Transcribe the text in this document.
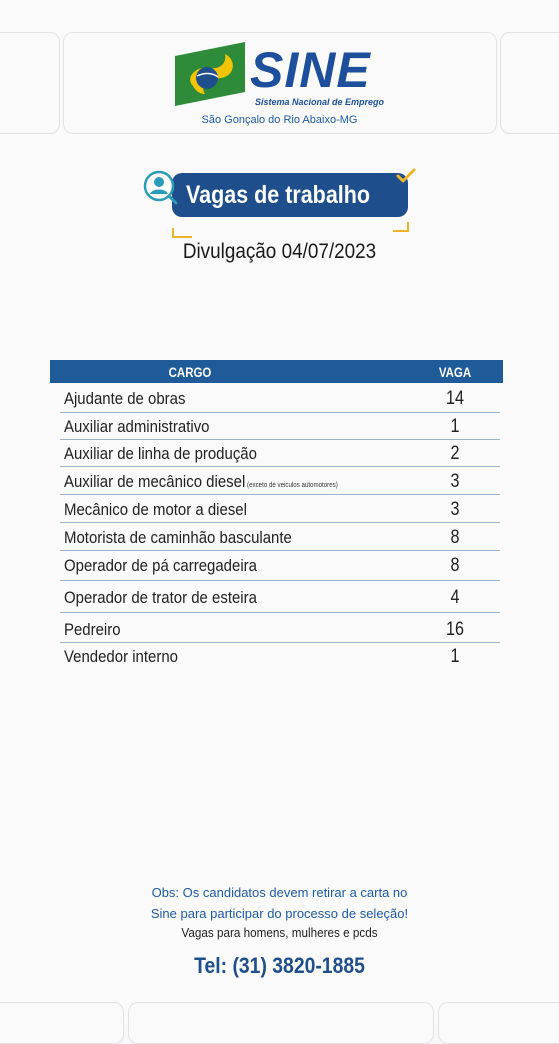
SINE
Sistema Nacional de Emprego
São Gonçalo do Rio Abaixo-MG
Vagas de trabalho
Divulgação 04/07/2023
CARGO	VAGA
Ajudante de obras	14
Auxiliar administrativo	1
Auxiliar de linha de produção	2
Auxiliar de mecânico diesel (exceto de veiculos automotores)	3
Mecânico de motor a diesel	3
Motorista de caminhão basculante	8
Operador de pá carregadeira	8
Operador de trator de esteira	4
Pedreiro	16
Vendedor interno	1
Obs: Os candidatos devem retirar a carta no
Sine para participar do processo de seleção!
Vagas para homens, mulheres e pcds
Tel: (31) 3820-1885
